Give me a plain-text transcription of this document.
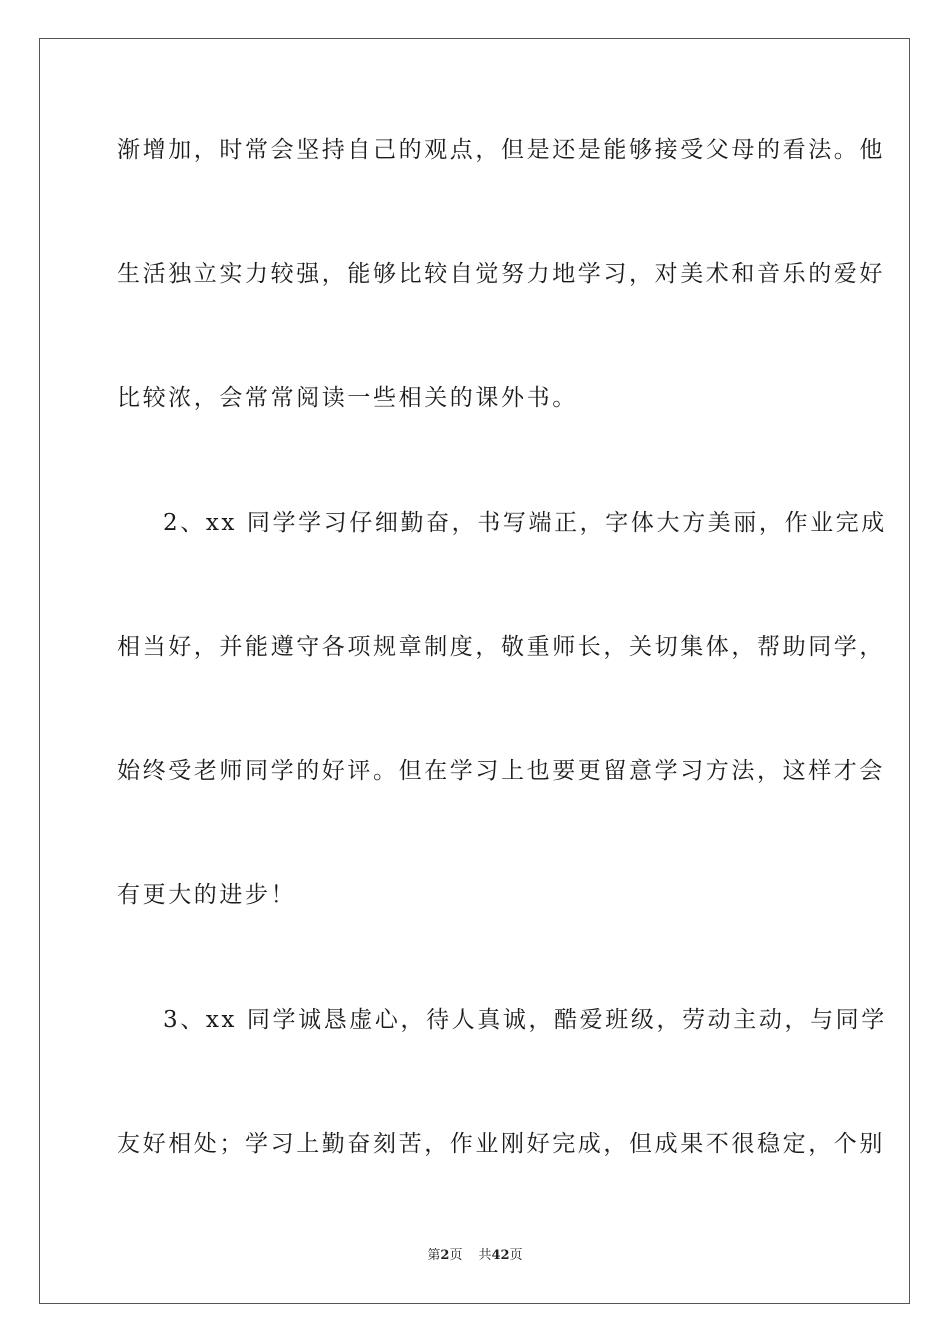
渐增加，时常会坚持自己的观点，但是还是能够接受父母的看法。他
生活独立实力较强，能够比较自觉努力地学习，对美术和音乐的爱好
比较浓，会常常阅读一些相关的课外书。
2、xx 同学学习仔细勤奋，书写端正，字体大方美丽，作业完成
相当好，并能遵守各项规章制度，敬重师长，关切集体，帮助同学，
始终受老师同学的好评。但在学习上也要更留意学习方法，这样才会
有更大的进步！
3、xx 同学诚恳虚心，待人真诚，酷爱班级，劳动主动，与同学
友好相处；学习上勤奋刻苦，作业刚好完成，但成果不很稳定，个别
第2页 共42页
